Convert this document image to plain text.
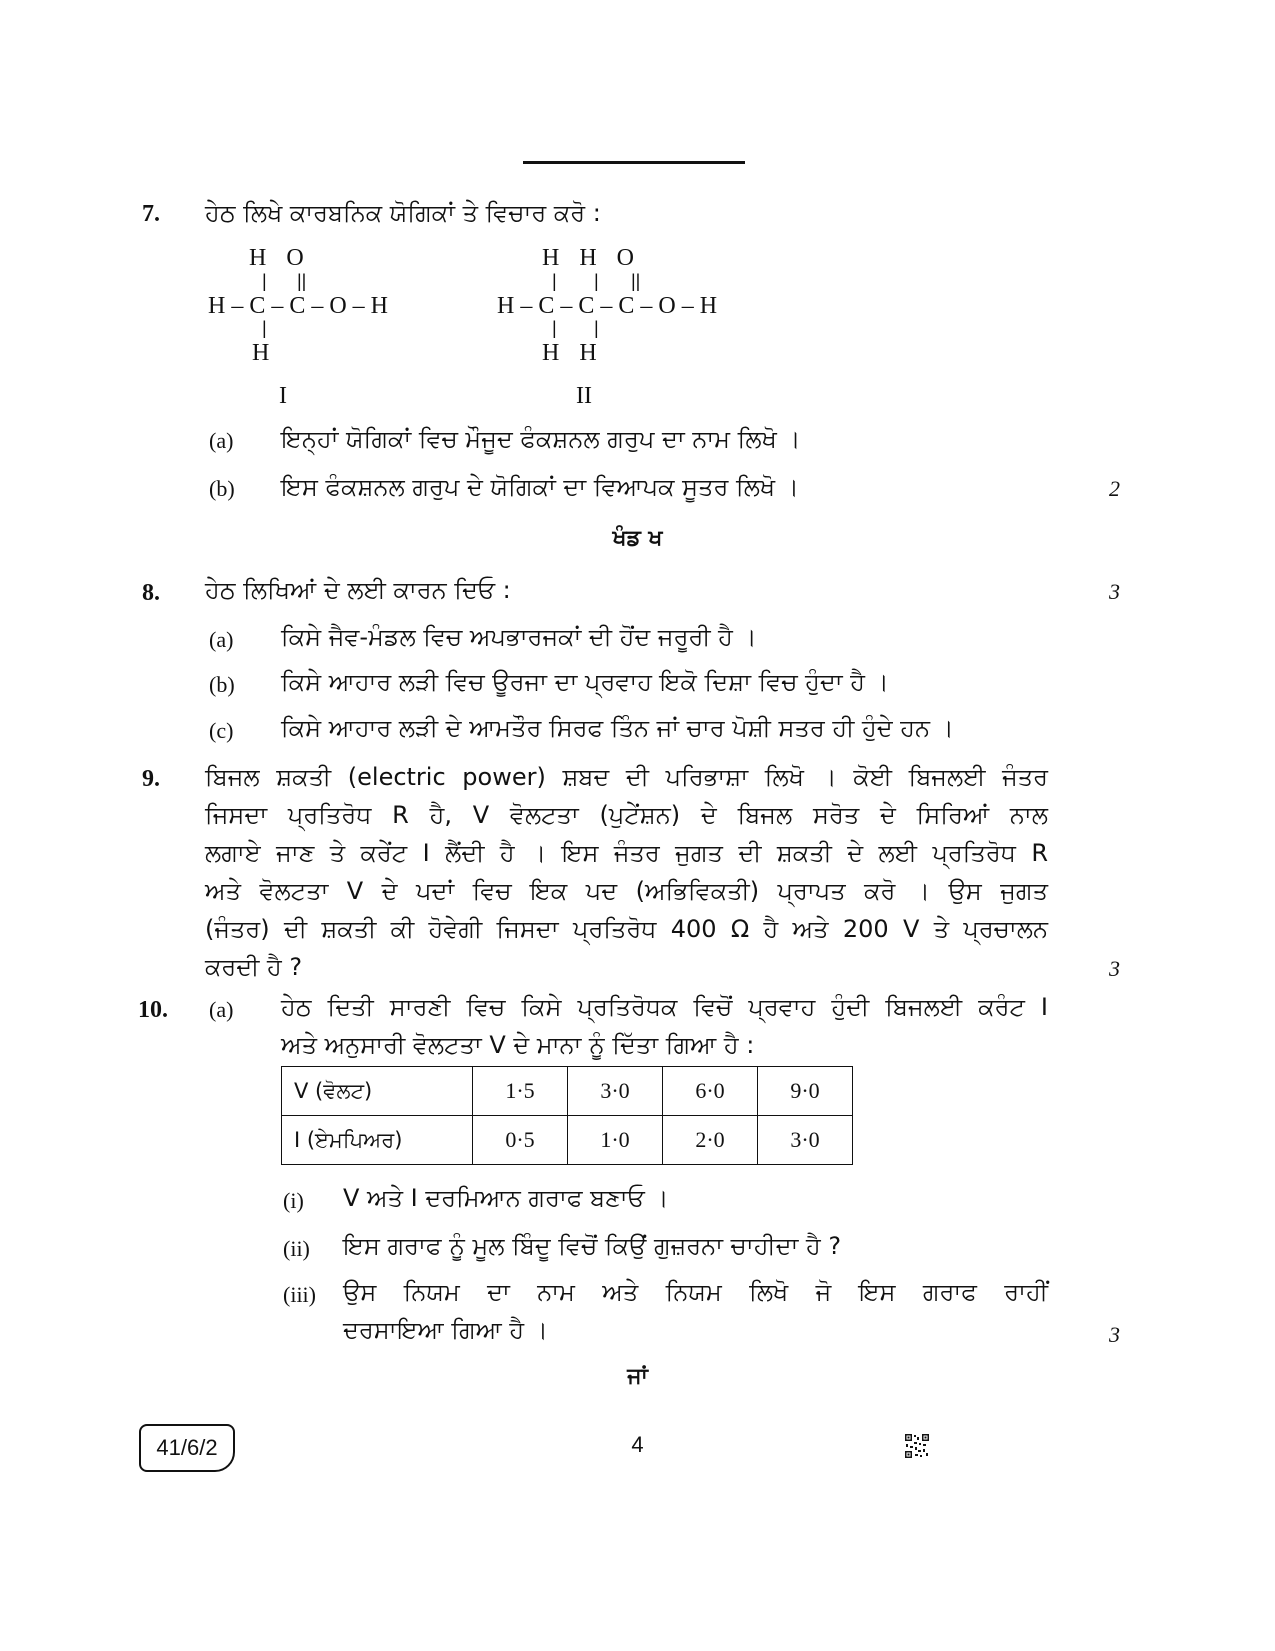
7. ਹੇਠ ਲਿਖੇ ਕਾਰਬਨਿਕ ਯੋਗਿਕਾਂ ਤੇ ਵਿਚਾਰ ਕਰੋ :
H O
| ||
H – C – C – O – H
|
H
I
H H O
| | ||
H – C – C – C – O – H
| |
H H
II
(a) ਇਨ੍ਹਾਂ ਯੋਗਿਕਾਂ ਵਿਚ ਮੌਜੂਦ ਫੰਕਸ਼ਨਲ ਗਰੁਪ ਦਾ ਨਾਮ ਲਿਖੋ ।
(b) ਇਸ ਫੰਕਸ਼ਨਲ ਗਰੁਪ ਦੇ ਯੋਗਿਕਾਂ ਦਾ ਵਿਆਪਕ ਸੂਤਰ ਲਿਖੋ ।	2
ਖੰਡ ਖ
8. ਹੇਠ ਲਿਖਿਆਂ ਦੇ ਲਈ ਕਾਰਨ ਦਿਓ :	3
(a) ਕਿਸੇ ਜੈਵ-ਮੰਡਲ ਵਿਚ ਅਪਭਾਰਜਕਾਂ ਦੀ ਹੋਂਦ ਜਰੂਰੀ ਹੈ ।
(b) ਕਿਸੇ ਆਹਾਰ ਲੜੀ ਵਿਚ ਊਰਜਾ ਦਾ ਪ੍ਰਵਾਹ ਇਕੋ ਦਿਸ਼ਾ ਵਿਚ ਹੁੰਦਾ ਹੈ ।
(c) ਕਿਸੇ ਆਹਾਰ ਲੜੀ ਦੇ ਆਮਤੌਰ ਸਿਰਫ ਤਿੰਨ ਜਾਂ ਚਾਰ ਪੋਸ਼ੀ ਸਤਰ ਹੀ ਹੁੰਦੇ ਹਨ ।
9. ਬਿਜਲ ਸ਼ਕਤੀ (electric power) ਸ਼ਬਦ ਦੀ ਪਰਿਭਾਸ਼ਾ ਲਿਖੋ । ਕੋਈ ਬਿਜਲਈ ਜੰਤਰ
ਜਿਸਦਾ ਪ੍ਰਤਿਰੋਧ R ਹੈ, V ਵੋਲਟਤਾ (ਪੁਟੇਂਸ਼ਨ) ਦੇ ਬਿਜਲ ਸਰੋਤ ਦੇ ਸਿਰਿਆਂ ਨਾਲ
ਲਗਾਏ ਜਾਣ ਤੇ ਕਰੇਂਟ I ਲੈਂਦੀ ਹੈ । ਇਸ ਜੰਤਰ ਜੁਗਤ ਦੀ ਸ਼ਕਤੀ ਦੇ ਲਈ ਪ੍ਰਤਿਰੋਧ R
ਅਤੇ ਵੋਲਟਤਾ V ਦੇ ਪਦਾਂ ਵਿਚ ਇਕ ਪਦ (ਅਭਿਵਿਕਤੀ) ਪ੍ਰਾਪਤ ਕਰੋ । ਉਸ ਜੁਗਤ
(ਜੰਤਰ) ਦੀ ਸ਼ਕਤੀ ਕੀ ਹੋਵੇਗੀ ਜਿਸਦਾ ਪ੍ਰਤਿਰੋਧ 400 Ω ਹੈ ਅਤੇ 200 V ਤੇ ਪ੍ਰਚਾਲਨ
ਕਰਦੀ ਹੈ ?	3
10. (a) ਹੇਠ ਦਿਤੀ ਸਾਰਣੀ ਵਿਚ ਕਿਸੇ ਪ੍ਰਤਿਰੋਧਕ ਵਿਚੋਂ ਪ੍ਰਵਾਹ ਹੁੰਦੀ ਬਿਜਲਈ ਕਰੰਟ I
ਅਤੇ ਅਨੁਸਾਰੀ ਵੋਲਟਤਾ V ਦੇ ਮਾਨਾ ਨੂੰ ਦਿੱਤਾ ਗਿਆ ਹੈ :
V (ਵੋਲਟ)	1·5	3·0	6·0	9·0
I (ਏਮਪਿਅਰ)	0·5	1·0	2·0	3·0
(i) V ਅਤੇ I ਦਰਮਿਆਨ ਗਰਾਫ ਬਣਾਓ ।
(ii) ਇਸ ਗਰਾਫ ਨੂੰ ਮੂਲ ਬਿੰਦੂ ਵਿਚੋਂ ਕਿਉਂ ਗੁਜ਼ਰਨਾ ਚਾਹੀਦਾ ਹੈ ?
(iii) ਉਸ ਨਿਯਮ ਦਾ ਨਾਮ ਅਤੇ ਨਿਯਮ ਲਿਖੋ ਜੋ ਇਸ ਗਰਾਫ ਰਾਹੀਂ
ਦਰਸਾਇਆ ਗਿਆ ਹੈ ।	3
ਜਾਂ
41/6/2	4
